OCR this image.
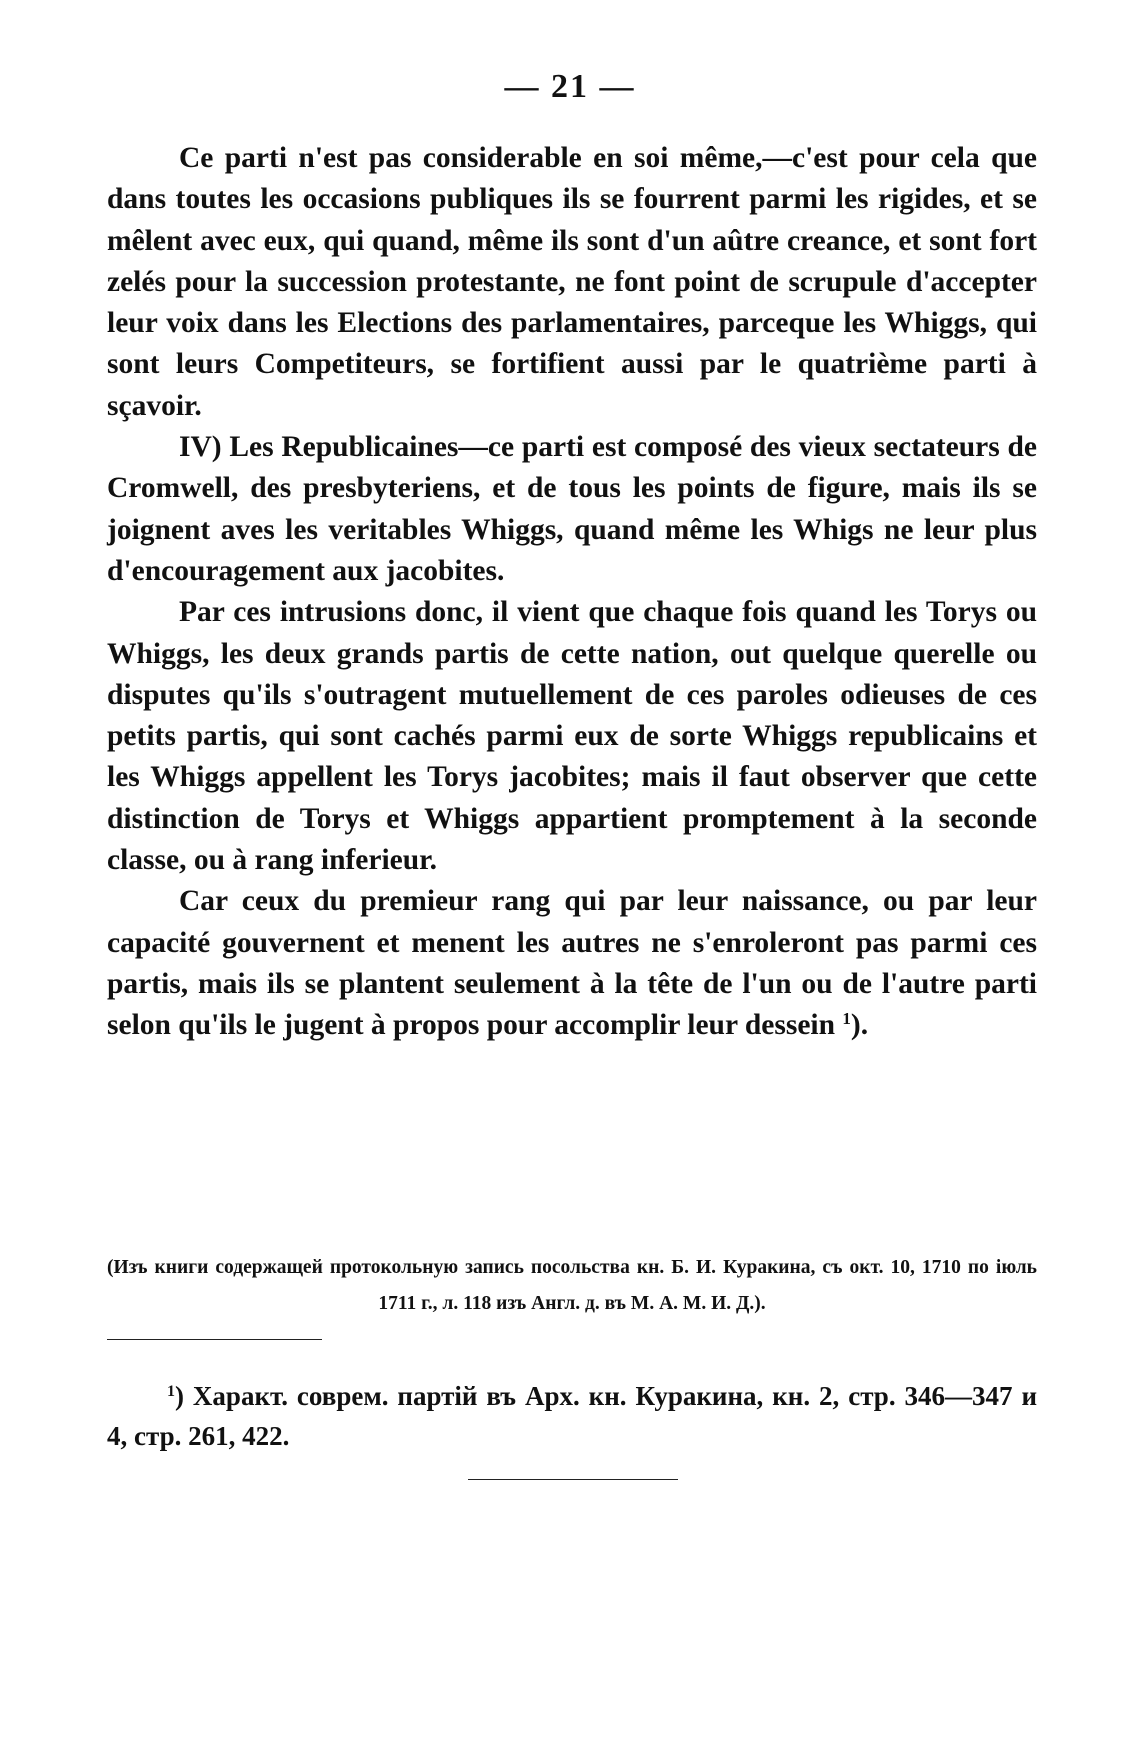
— 21 —

Ce parti n'est pas considerable en soi même,—c'est pour cela que dans toutes les occasions publiques ils se fourrent parmi les rigides, et se mêlent avec eux, qui quand, même ils sont d'un aûtre creance, et sont fort zelés pour la succession protestante, ne font point de scrupule d'accepter leur voix dans les Elections des parlamentaires, parceque les Whiggs, qui sont leurs Competiteurs, se fortifient aussi par le quatrième parti à sçavoir.

IV) Les Republicaines—ce parti est composé des vieux sectateurs de Cromwell, des presbyteriens, et de tous les points de figure, mais ils se joignent aves les veritables Whiggs, quand même les Whigs ne leur plus d'encouragement aux jacobites.

Par ces intrusions donc, il vient que chaque fois quand les Torys ou Whiggs, les deux grands partis de cette nation, out quelque querelle ou disputes qu'ils s'outragent mutuellement de ces paroles odieuses de ces petits partis, qui sont cachés parmi eux de sorte Whiggs republicains et les Whiggs appellent les Torys jacobites; mais il faut observer que cette distinction de Torys et Whiggs appartient promptement à la seconde classe, ou à rang inferieur.

Car ceux du premieur rang qui par leur naissance, ou par leur capacité gouvernent et menent les autres ne s'enroleront pas parmi ces partis, mais ils se plantent seulement à la tête de l'un ou de l'autre parti selon qu'ils le jugent à propos pour accomplir leur dessein $^1$).

(Изъ книги содержащей протокольную запись посольства кн. Б. И. Куракина, съ окт. 10, 1710 по іюль 1711 г., л. 118 изъ Англ. д. въ М. А. М. И. Д.).
$^1$) Характ. соврем. партій въ Арх. кн. Куракина, кн. 2, стр. 346—347 и 4, стр. 261, 422.
